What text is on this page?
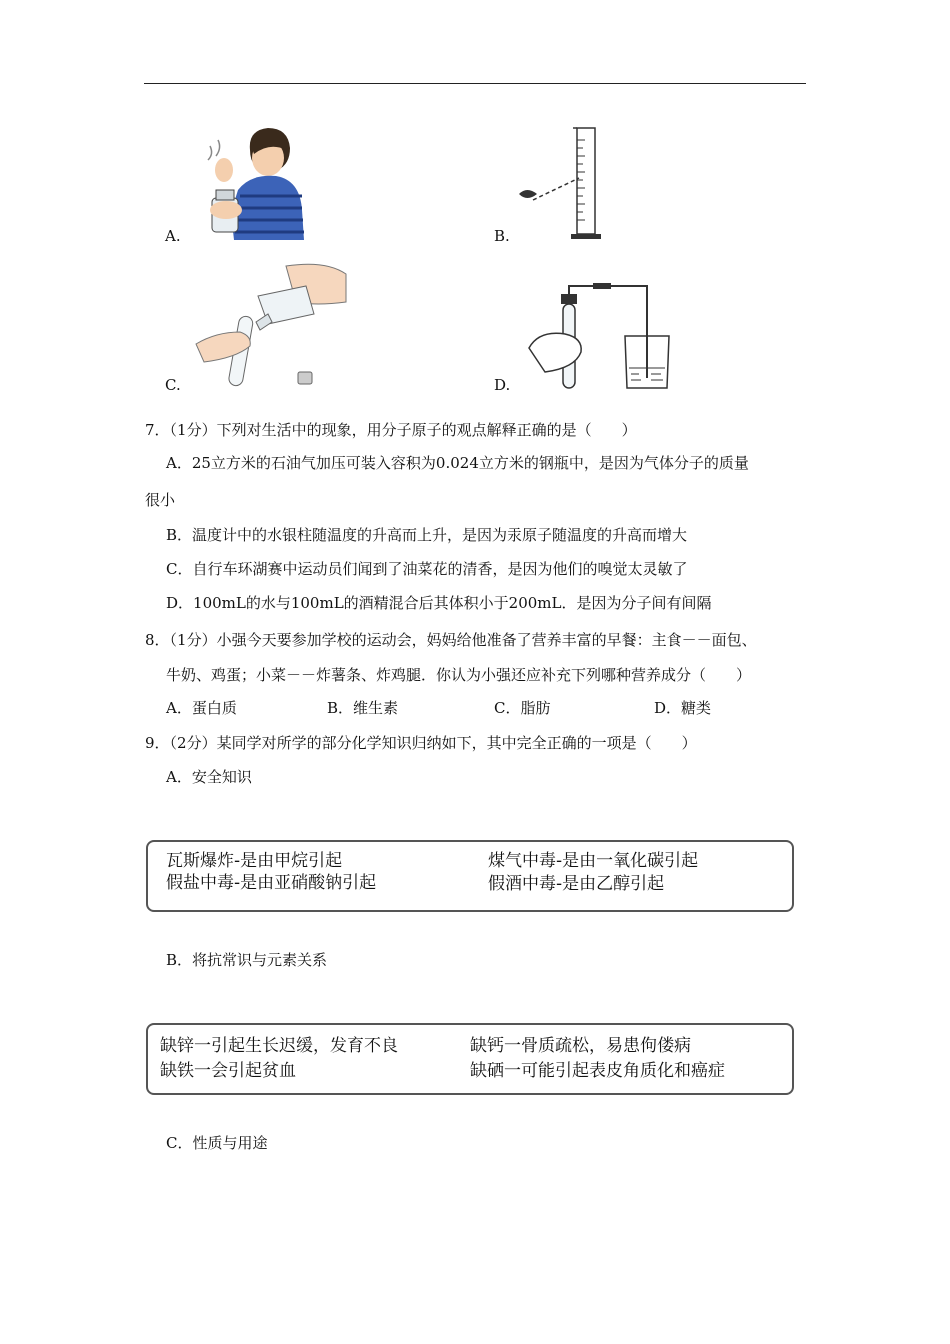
A.	B.
C.	D.
7．（1分）下列对生活中的现象，用分子原子的观点解释正确的是（　　）
A．25立方米的石油气加压可装入容积为0.024立方米的钢瓶中，是因为气体分子的质量
很小
B．温度计中的水银柱随温度的升高而上升，是因为汞原子随温度的升高而增大
C．自行车环湖赛中运动员们闻到了油菜花的清香，是因为他们的嗅觉太灵敏了
D．100mL的水与100mL的酒精混合后其体积小于200mL．是因为分子间有间隔
8．（1分）小强今天要参加学校的运动会，妈妈给他准备了营养丰富的早餐：主食－－面包、
牛奶、鸡蛋；小菜－－炸薯条、炸鸡腿．你认为小强还应补充下列哪种营养成分（　　）
A．蛋白质	B．维生素	C．脂肪	D．糖类
9．（2分）某同学对所学的部分化学知识归纳如下，其中完全正确的一项是（　　）
A．安全知识
瓦斯爆炸-是由甲烷引起	煤气中毒-是由一氧化碳引起
假盐中毒-是由亚硝酸钠引起	假酒中毒-是由乙醇引起
B．将抗常识与元素关系
缺锌一引起生长迟缓，发育不良	缺钙一骨质疏松，易患佝偻病
缺铁一会引起贫血	缺硒一可能引起表皮角质化和癌症
C．性质与用途
